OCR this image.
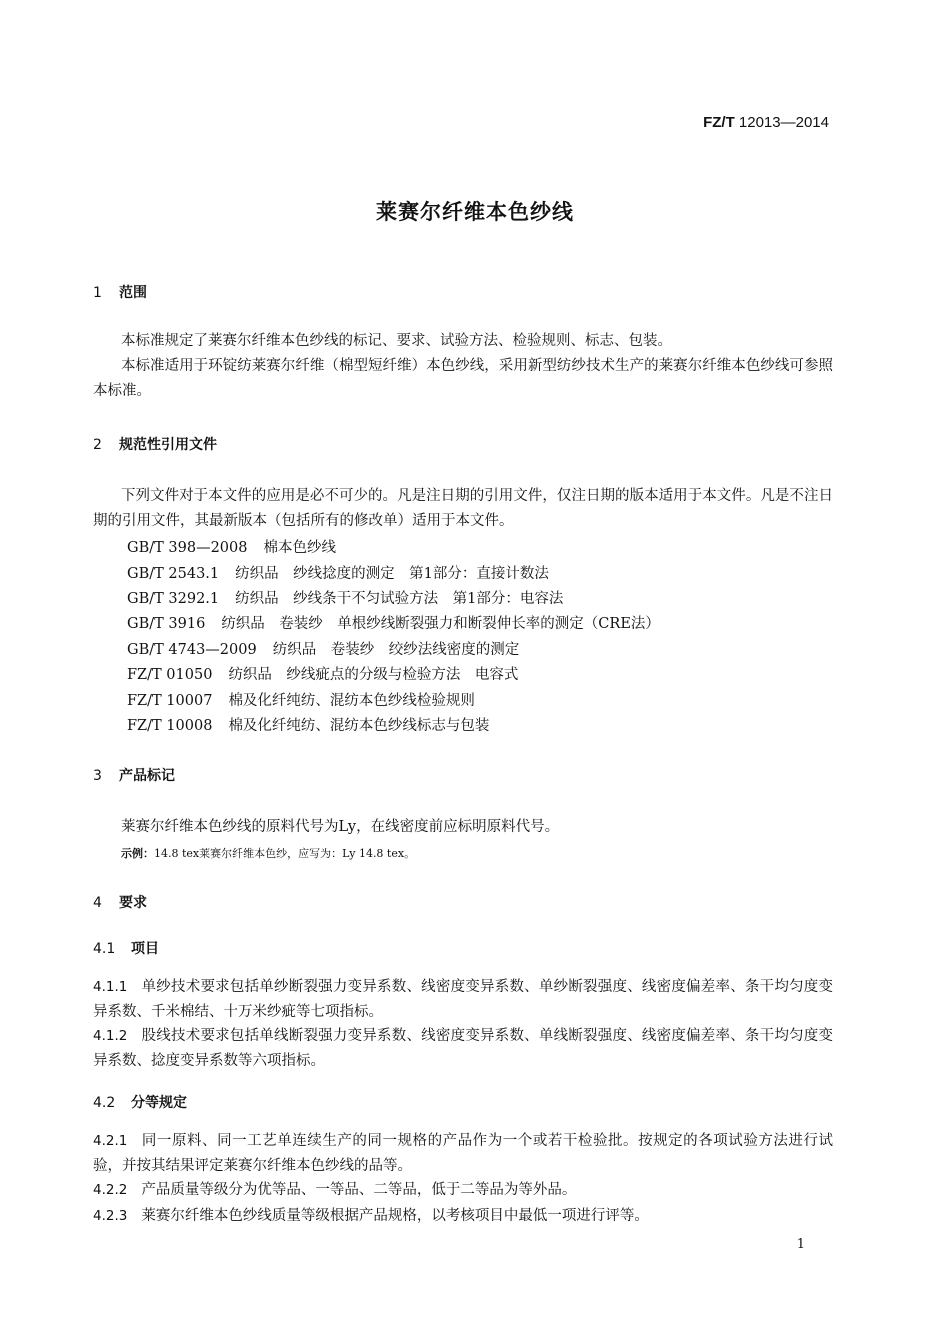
FZ/T 12013—2014
莱赛尔纤维本色纱线
1 范围
本标准规定了莱赛尔纤维本色纱线的标记、要求、试验方法、检验规则、标志、包装。
本标准适用于环锭纺莱赛尔纤维（棉型短纤维）本色纱线，采用新型纺纱技术生产的莱赛尔纤维本色纱线可参照本标准。
2 规范性引用文件
下列文件对于本文件的应用是必不可少的。凡是注日期的引用文件，仅注日期的版本适用于本文件。凡是不注日期的引用文件，其最新版本（包括所有的修改单）适用于本文件。
GB/T 398—2008 棉本色纱线
GB/T 2543.1 纺织品　纱线捻度的测定　第1部分：直接计数法
GB/T 3292.1 纺织品　纱线条干不匀试验方法　第1部分：电容法
GB/T 3916 纺织品　卷装纱　单根纱线断裂强力和断裂伸长率的测定（CRE法）
GB/T 4743—2009 纺织品　卷装纱　绞纱法线密度的测定
FZ/T 01050 纺织品　纱线疵点的分级与检验方法　电容式
FZ/T 10007 棉及化纤纯纺、混纺本色纱线检验规则
FZ/T 10008 棉及化纤纯纺、混纺本色纱线标志与包装
3 产品标记
莱赛尔纤维本色纱线的原料代号为Ly，在线密度前应标明原料代号。
示例：14.8 tex莱赛尔纤维本色纱，应写为：Ly 14.8 tex。
4 要求
4.1 项目
4.1.1 单纱技术要求包括单纱断裂强力变异系数、线密度变异系数、单纱断裂强度、线密度偏差率、条干均匀度变异系数、千米棉结、十万米纱疵等七项指标。
4.1.2 股线技术要求包括单线断裂强力变异系数、线密度变异系数、单线断裂强度、线密度偏差率、条干均匀度变异系数、捻度变异系数等六项指标。
4.2 分等规定
4.2.1 同一原料、同一工艺单连续生产的同一规格的产品作为一个或若干检验批。按规定的各项试验方法进行试验，并按其结果评定莱赛尔纤维本色纱线的品等。
4.2.2 产品质量等级分为优等品、一等品、二等品，低于二等品为等外品。
4.2.3 莱赛尔纤维本色纱线质量等级根据产品规格，以考核项目中最低一项进行评等。
1
